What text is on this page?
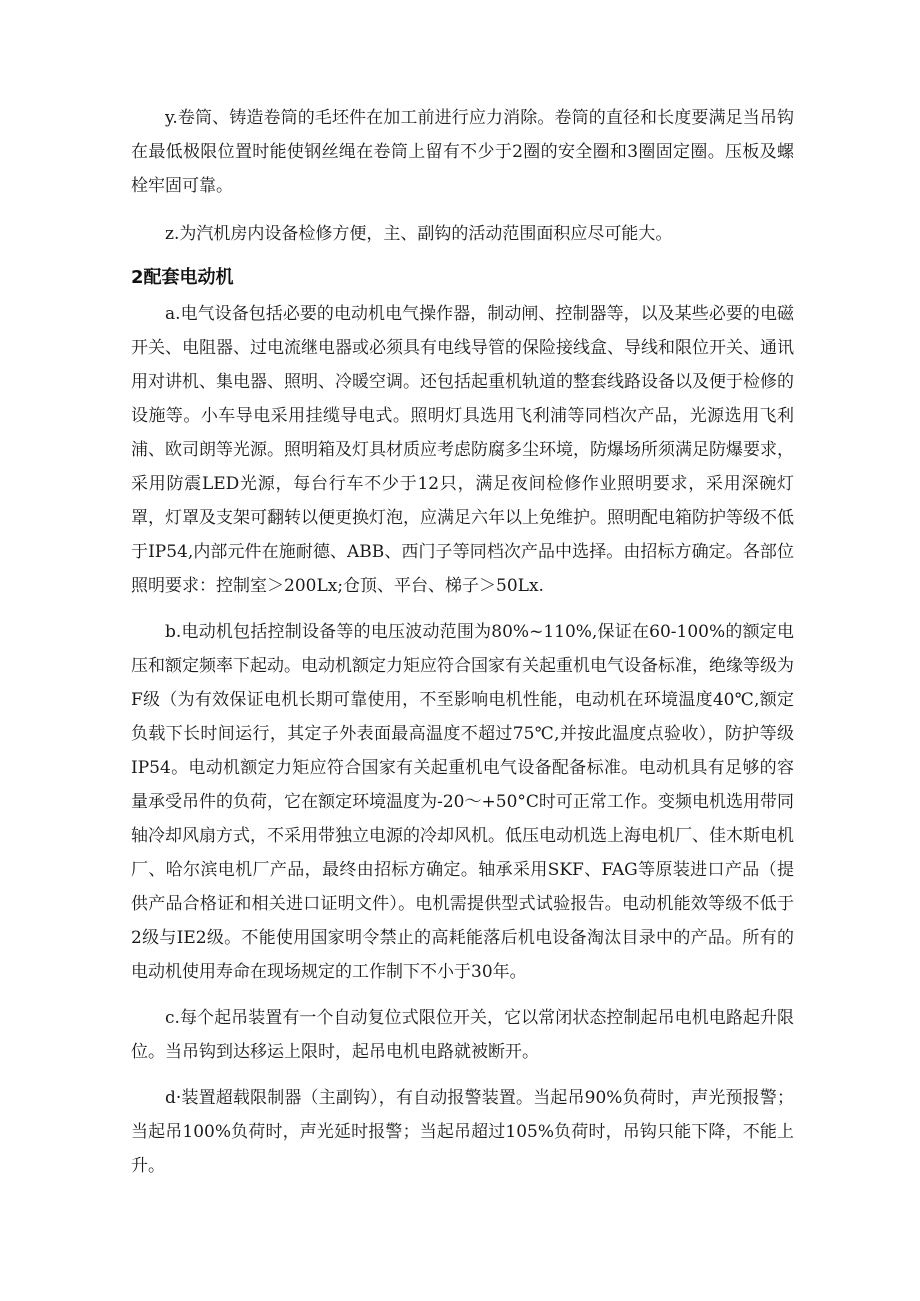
y.卷筒、铸造卷筒的毛坯件在加工前进行应力消除。卷筒的直径和长度要满足当吊钩在最低极限位置时能使钢丝绳在卷筒上留有不少于2圈的安全圈和3圈固定圈。压板及螺栓牢固可靠。

z.为汽机房内设备检修方便，主、副钩的活动范围面积应尽可能大。

2配套电动机

a.电气设备包括必要的电动机电气操作器，制动闸、控制器等，以及某些必要的电磁开关、电阻器、过电流继电器或必须具有电线导管的保险接线盒、导线和限位开关、通讯用对讲机、集电器、照明、冷暖空调。还包括起重机轨道的整套线路设备以及便于检修的设施等。小车导电采用挂缆导电式。照明灯具选用飞利浦等同档次产品，光源选用飞利浦、欧司朗等光源。照明箱及灯具材质应考虑防腐多尘环境，防爆场所须满足防爆要求，采用防震LED光源，每台行车不少于12只，满足夜间检修作业照明要求，采用深碗灯罩，灯罩及支架可翻转以便更换灯泡，应满足六年以上免维护。照明配电箱防护等级不低于IP54,内部元件在施耐德、ABB、西门子等同档次产品中选择。由招标方确定。各部位照明要求：控制室＞200Lx;仓顶、平台、梯子＞50Lx.

b.电动机包括控制设备等的电压波动范围为80%~110%,保证在60-100%的额定电压和额定频率下起动。电动机额定力矩应符合国家有关起重机电气设备标准，绝缘等级为F级（为有效保证电机长期可靠使用，不至影响电机性能，电动机在环境温度40℃,额定负载下长时间运行，其定子外表面最高温度不超过75℃,并按此温度点验收），防护等级IP54。电动机额定力矩应符合国家有关起重机电气设备配备标准。电动机具有足够的容量承受吊件的负荷，它在额定环境温度为-20～+50°C时可正常工作。变频电机选用带同轴冷却风扇方式，不采用带独立电源的冷却风机。低压电动机选上海电机厂、佳木斯电机厂、哈尔滨电机厂产品，最终由招标方确定。轴承采用SKF、FAG等原装进口产品（提供产品合格证和相关进口证明文件）。电机需提供型式试验报告。电动机能效等级不低于2级与IE2级。不能使用国家明令禁止的高耗能落后机电设备淘汰目录中的产品。所有的电动机使用寿命在现场规定的工作制下不小于30年。

c.每个起吊装置有一个自动复位式限位开关，它以常闭状态控制起吊电机电路起升限位。当吊钩到达移运上限时，起吊电机电路就被断开。

d·装置超载限制器（主副钩），有自动报警装置。当起吊90%负荷时，声光预报警；当起吊100%负荷时，声光延时报警；当起吊超过105%负荷时，吊钩只能下降，不能上升。
